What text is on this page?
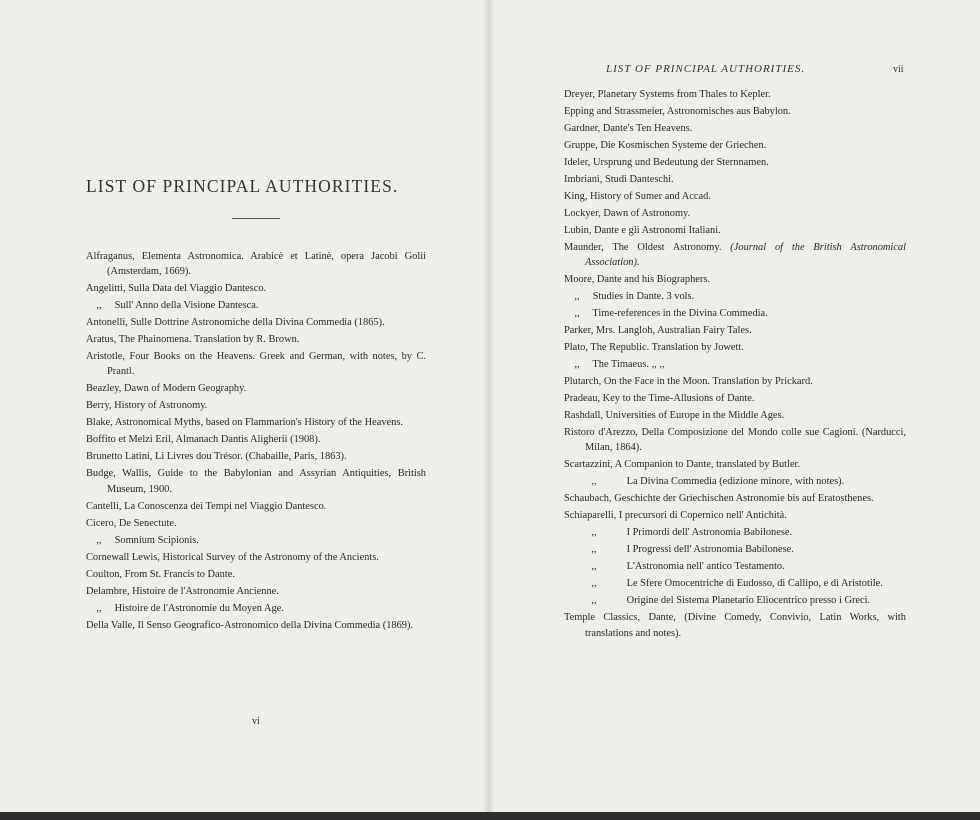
LIST OF PRINCIPAL AUTHORITIES.

Alfraganus, Elementa Astronomica. Arabicè et Latinè, opera Jacobi Golii (Amsterdam, 1669).

Angelitti, Sulla Data del Viaggio Dantesco.

,, Sull' Anno della Visione Dantesca.

Antonelli, Sulle Dottrine Astronomiche della Divina Commedia (1865).

Aratus, The Phainomena. Translation by R. Brown.

Aristotle, Four Books on the Heavens. Greek and German, with notes, by C. Prantl.

Beazley, Dawn of Modern Geography.

Berry, History of Astronomy.

Blake, Astronomical Myths, based on Flammarion's History of the Heavens.

Boffito et Melzi Eril, Almanach Dantis Aligherii (1908).

Brunetto Latini, Li Livres dou Trésor. (Chabaille, Paris, 1863).

Budge, Wallis, Guide to the Babylonian and Assyrian Antiquities, British Museum, 1900.

Cantelli, La Conoscenza dei Tempi nel Viaggio Dantesco.

Cicero, De Senectute.

,, Somnium Scipionis.

Cornewall Lewis, Historical Survey of the Astronomy of the Ancients.

Coulton, From St. Francis to Dante.

Delambre, Histoire de l'Astronomie Ancienne.

,, Histoire de l'Astronomie du Moyen Age.

Della Valle, Il Senso Geografico-Astronomico della Divina Commedia (1869).

vi
LIST OF PRINCIPAL AUTHORITIES.	vii

Dreyer, Planetary Systems from Thales to Kepler.

Epping and Strassmeier, Astronomisches aus Babylon.

Gardner, Dante's Ten Heavens.

Gruppe, Die Kosmischen Systeme der Griechen.

Ideler, Ursprung und Bedeutung der Sternnamen.

Imbriani, Studi Danteschi.

King, History of Sumer and Accad.

Lockyer, Dawn of Astronomy.

Lubin, Dante e gli Astronomi Italiani.

Maunder, The Oldest Astronomy. (Journal of the British Astronomical Association).

Moore, Dante and his Biographers.

,, Studies in Dante. 3 vols.

,, Time-references in the Divina Commedia.

Parker, Mrs. Langloh, Australian Fairy Tales.

Plato, The Republic. Translation by Jowett.

,, The Timaeus. ,, ,,

Plutarch, On the Face in the Moon. Translation by Prickard.

Pradeau, Key to the Time-Allusions of Dante.

Rashdall, Universities of Europe in the Middle Ages.

Ristoro d'Arezzo, Della Composizione del Mondo colle sue Cagioni. (Narducci, Milan, 1864).

Scartazzini, A Companion to Dante, translated by Butler.

,,	La Divina Commedia (edizione minore, with notes).

Schaubach, Geschichte der Griechischen Astronomie bis auf Eratosthenes.

Schiaparelli, I precursori di Copernico nell' Antichità.

,,	I Primordi dell' Astronomia Babilonese.

,,	I Progressi dell' Astronomia Babilonese.

,,	L'Astronomia nell' antico Testamento.

,,	Le Sfere Omocentriche di Eudosso, di Callipo, e di Aristotile.

,,	Origine del Sistema Planetario Eliocentrico presso i Greci.

Temple Classics, Dante, (Divine Comedy, Convivio, Latin Works, with translations and notes).
